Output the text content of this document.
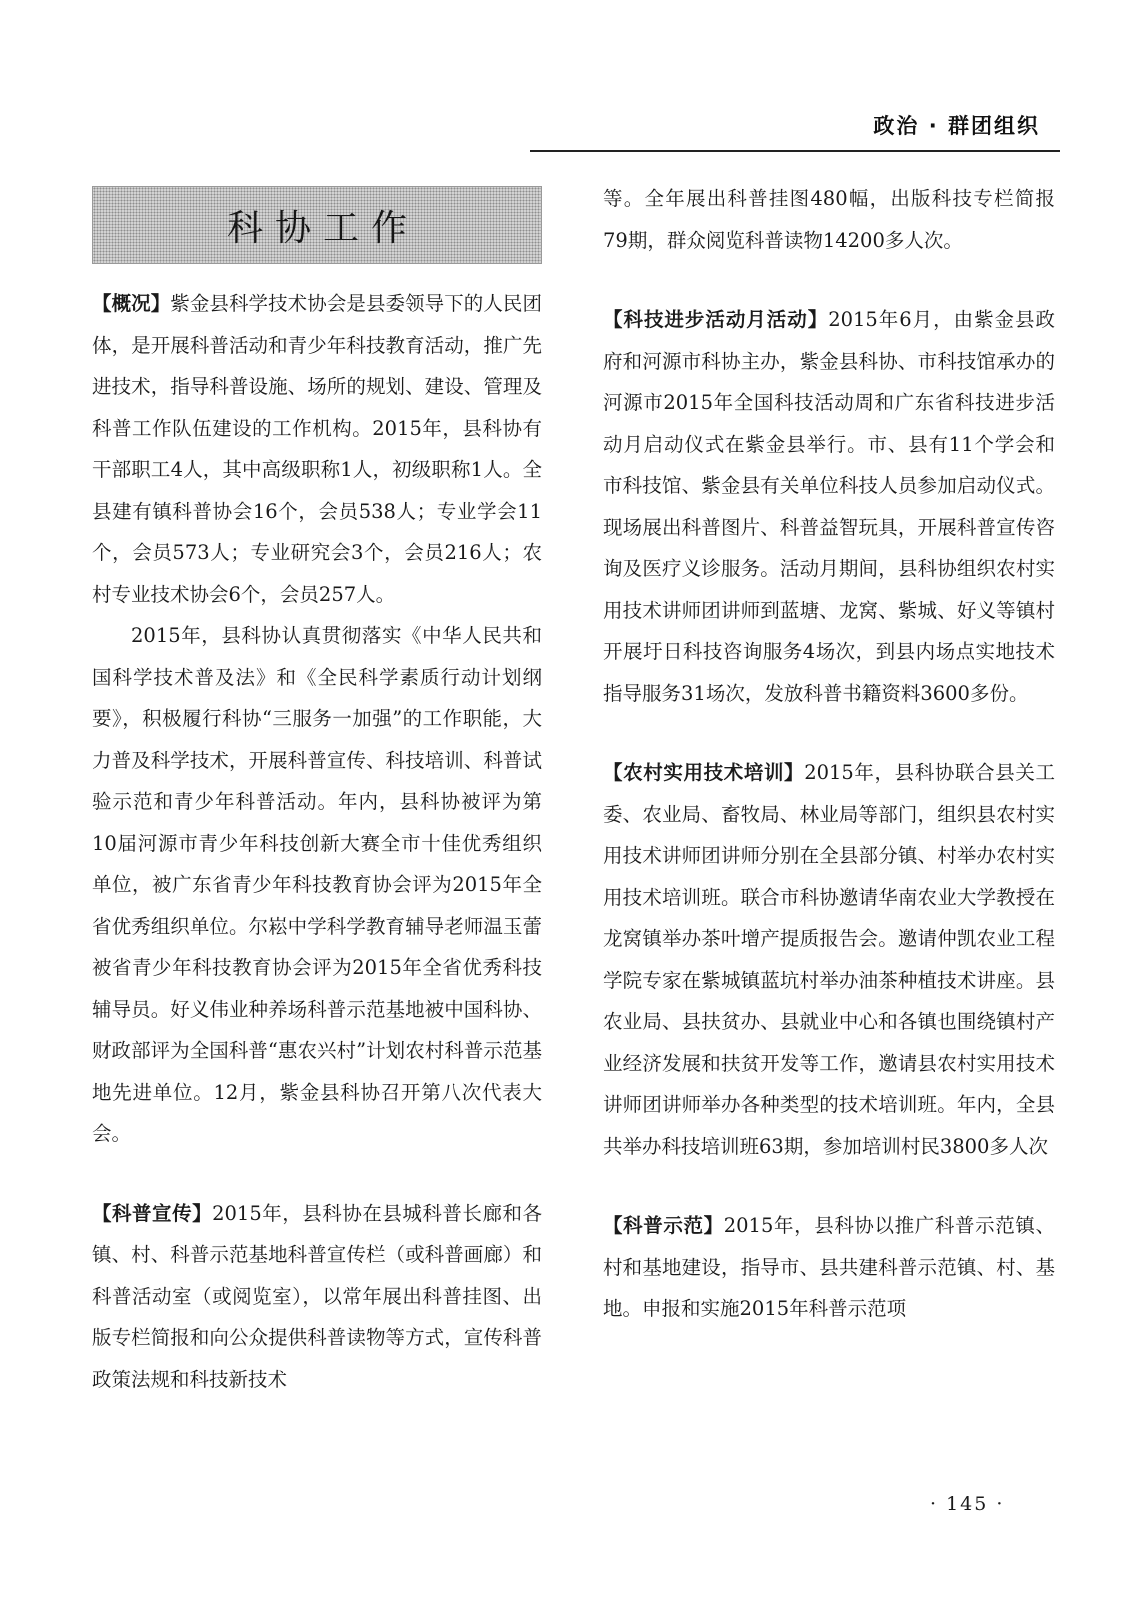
政治 · 群团组织
科协工作

【概况】紫金县科学技术协会是县委领导下的人民团体，是开展科普活动和青少年科技教育活动，推广先进技术，指导科普设施、场所的规划、建设、管理及科普工作队伍建设的工作机构。2015年，县科协有干部职工4人，其中高级职称1人，初级职称1人。全县建有镇科普协会16个，会员538人；专业学会11个，会员573人；专业研究会3个，会员216人；农村专业技术协会6个，会员257人。

2015年，县科协认真贯彻落实《中华人民共和国科学技术普及法》和《全民科学素质行动计划纲要》，积极履行科协“三服务一加强”的工作职能，大力普及科学技术，开展科普宣传、科技培训、科普试验示范和青少年科普活动。年内，县科协被评为第10届河源市青少年科技创新大赛全市十佳优秀组织单位，被广东省青少年科技教育协会评为2015年全省优秀组织单位。尔崧中学科学教育辅导老师温玉蕾被省青少年科技教育协会评为2015年全省优秀科技辅导员。好义伟业种养场科普示范基地被中国科协、财政部评为全国科普“惠农兴村”计划农村科普示范基地先进单位。12月，紫金县科协召开第八次代表大会。

【科普宣传】2015年，县科协在县城科普长廊和各镇、村、科普示范基地科普宣传栏（或科普画廊）和科普活动室（或阅览室），以常年展出科普挂图、出版专栏简报和向公众提供科普读物等方式，宣传科普政策法规和科技新技术

等。全年展出科普挂图480幅，出版科技专栏简报79期，群众阅览科普读物14200多人次。

【科技进步活动月活动】2015年6月，由紫金县政府和河源市科协主办，紫金县科协、市科技馆承办的河源市2015年全国科技活动周和广东省科技进步活动月启动仪式在紫金县举行。市、县有11个学会和市科技馆、紫金县有关单位科技人员参加启动仪式。现场展出科普图片、科普益智玩具，开展科普宣传咨询及医疗义诊服务。活动月期间，县科协组织农村实用技术讲师团讲师到蓝塘、龙窝、紫城、好义等镇村开展圩日科技咨询服务4场次，到县内场点实地技术指导服务31场次，发放科普书籍资料3600多份。

【农村实用技术培训】2015年，县科协联合县关工委、农业局、畜牧局、林业局等部门，组织县农村实用技术讲师团讲师分别在全县部分镇、村举办农村实用技术培训班。联合市科协邀请华南农业大学教授在龙窝镇举办茶叶增产提质报告会。邀请仲凯农业工程学院专家在紫城镇蓝坑村举办油茶种植技术讲座。县农业局、县扶贫办、县就业中心和各镇也围绕镇村产业经济发展和扶贫开发等工作，邀请县农村实用技术讲师团讲师举办各种类型的技术培训班。年内，全县共举办科技培训班63期，参加培训村民3800多人次

【科普示范】2015年，县科协以推广科普示范镇、村和基地建设，指导市、县共建科普示范镇、村、基地。申报和实施2015年科普示范项

· 145 ·
